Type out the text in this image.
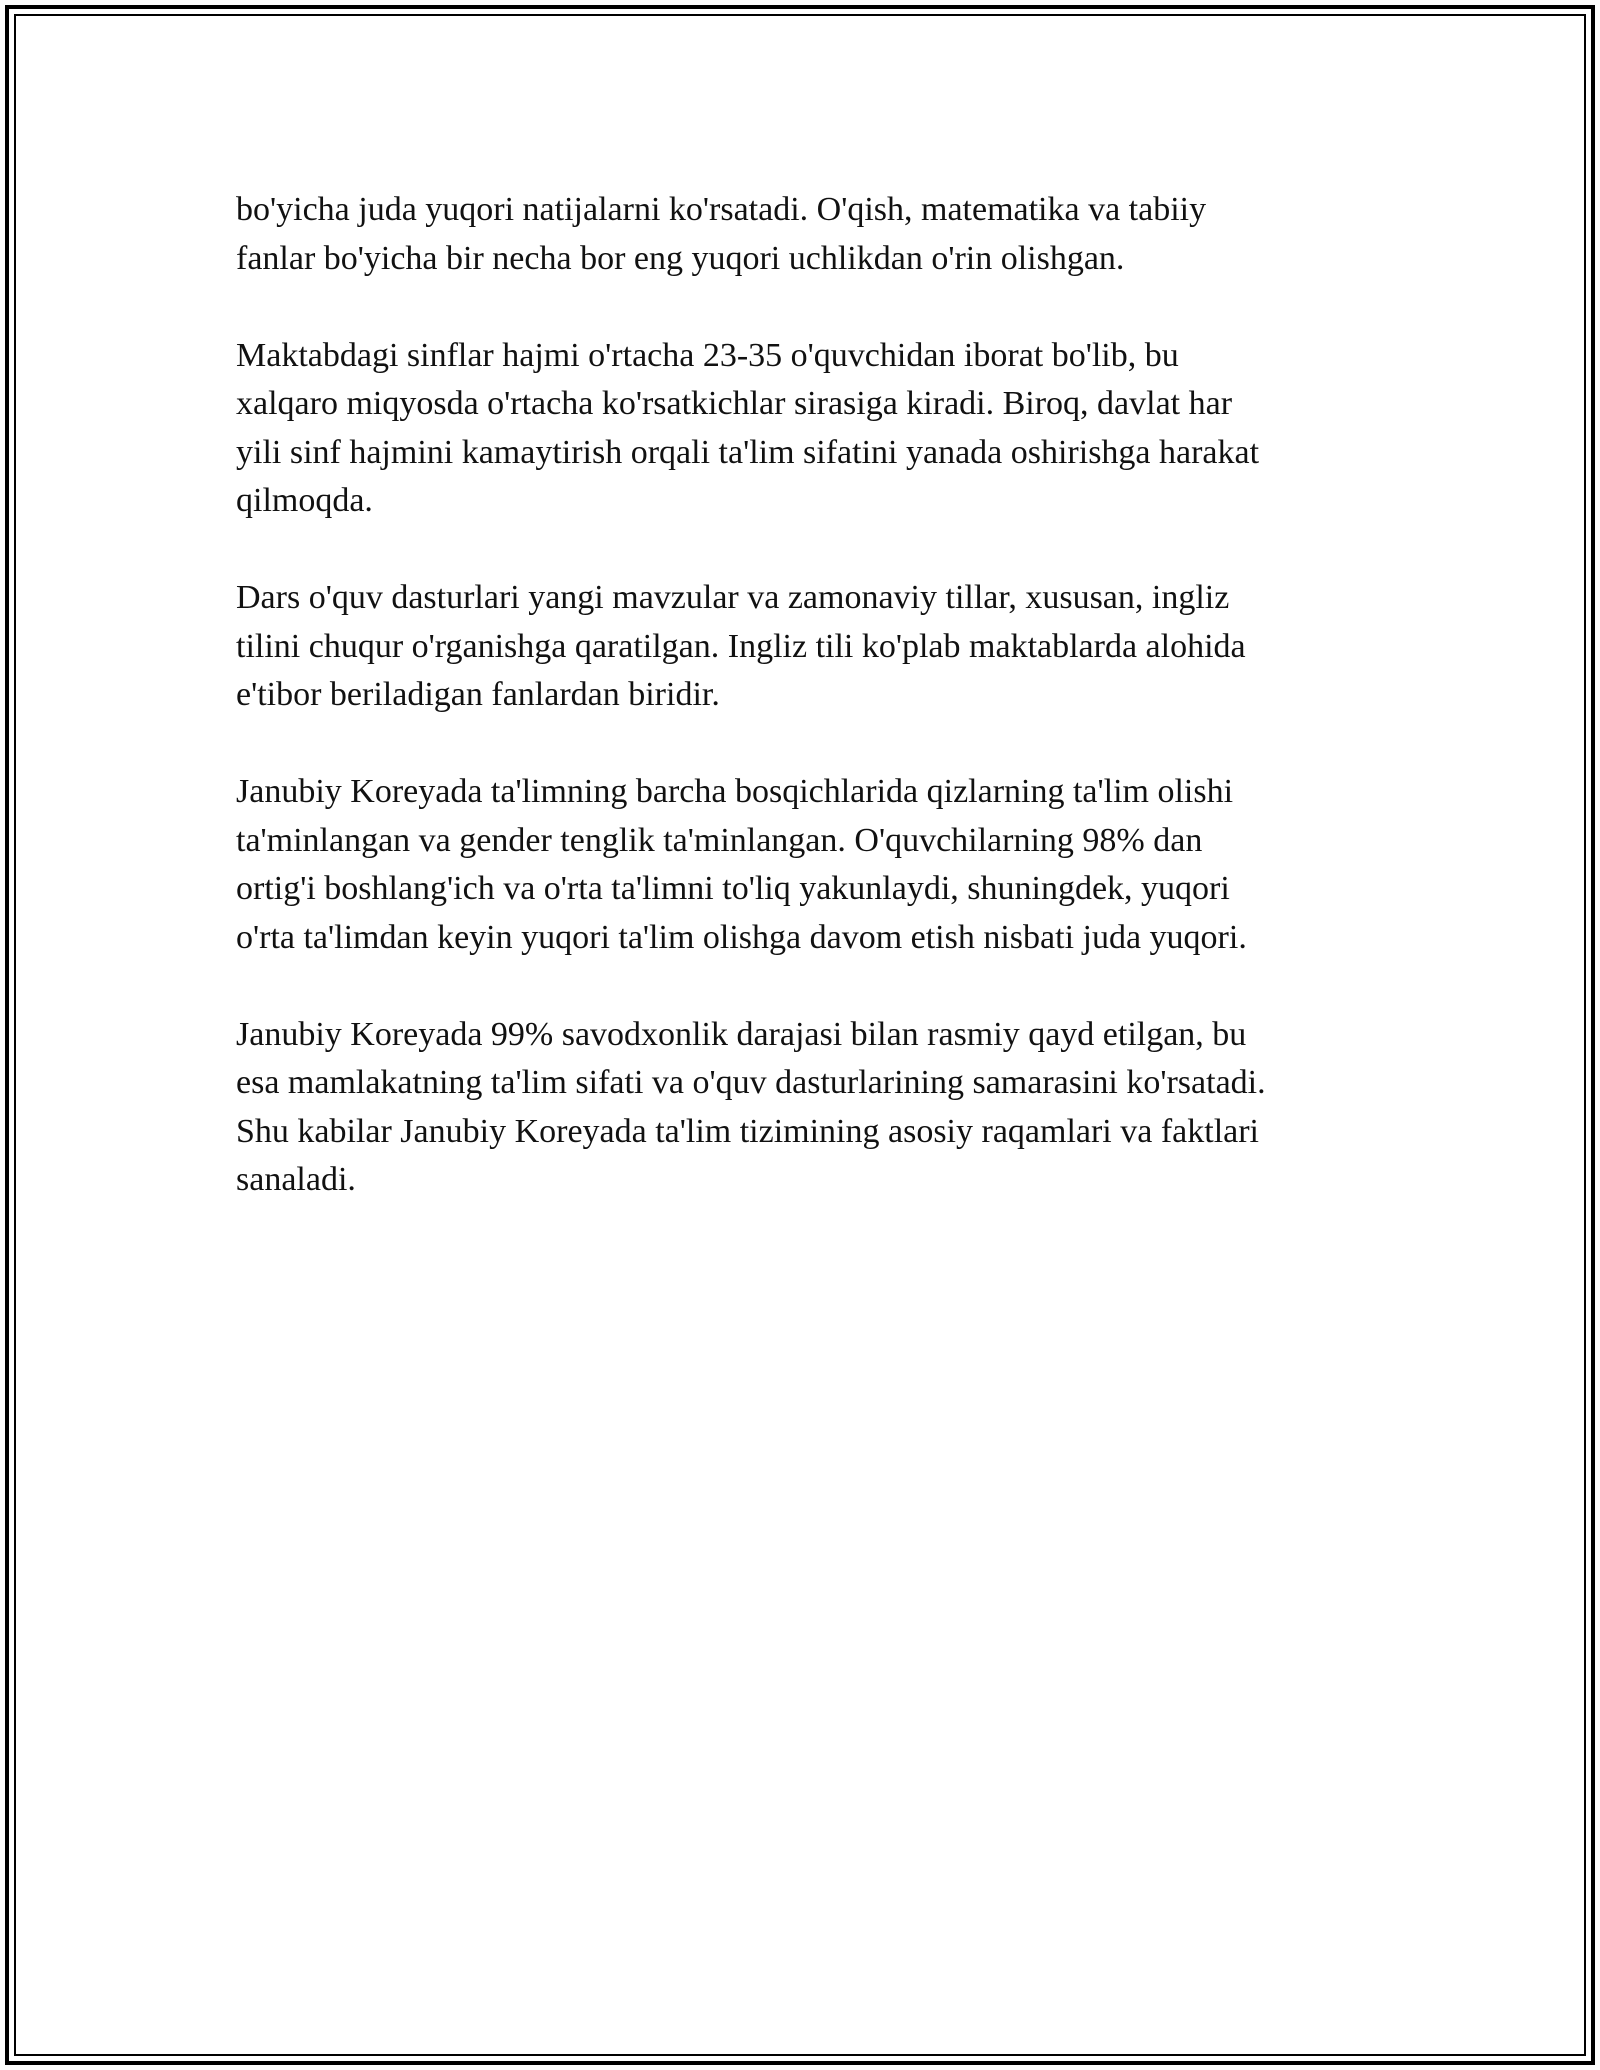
bo'yicha juda yuqori natijalarni ko'rsatadi. O'qish, matematika va tabiiy
fanlar bo'yicha bir necha bor eng yuqori uchlikdan o'rin olishgan.

Maktabdagi sinflar hajmi o'rtacha 23-35 o'quvchidan iborat bo'lib, bu
xalqaro miqyosda o'rtacha ko'rsatkichlar sirasiga kiradi. Biroq, davlat har
yili sinf hajmini kamaytirish orqali ta'lim sifatini yanada oshirishga harakat
qilmoqda.

Dars o'quv dasturlari yangi mavzular va zamonaviy tillar, xususan, ingliz
tilini chuqur o'rganishga qaratilgan. Ingliz tili ko'plab maktablarda alohida
e'tibor beriladigan fanlardan biridir.

Janubiy Koreyada ta'limning barcha bosqichlarida qizlarning ta'lim olishi
ta'minlangan va gender tenglik ta'minlangan. O'quvchilarning 98% dan
ortig'i boshlang'ich va o'rta ta'limni to'liq yakunlaydi, shuningdek, yuqori
o'rta ta'limdan keyin yuqori ta'lim olishga davom etish nisbati juda yuqori.

Janubiy Koreyada 99% savodxonlik darajasi bilan rasmiy qayd etilgan, bu
esa mamlakatning ta'lim sifati va o'quv dasturlarining samarasini ko'rsatadi.
Shu kabilar Janubiy Koreyada ta'lim tizimining asosiy raqamlari va faktlari
sanaladi.
